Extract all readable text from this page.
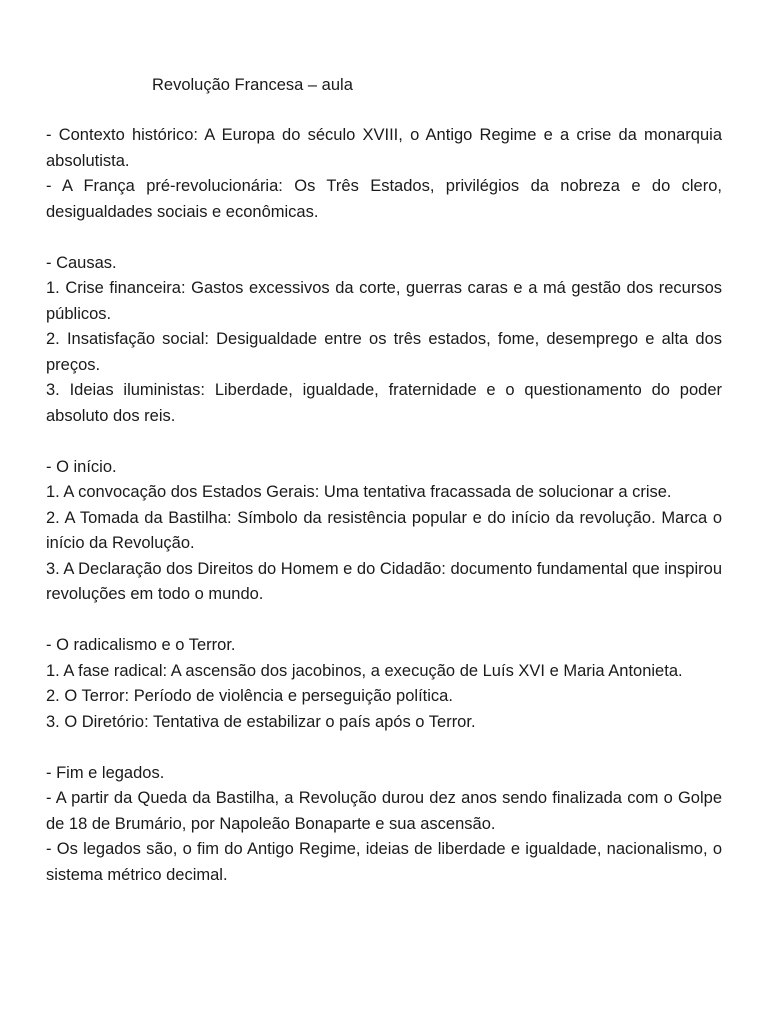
Revolução Francesa – aula

- Contexto histórico: A Europa do século XVIII, o Antigo Regime e a crise da monarquia absolutista.

- A França pré-revolucionária: Os Três Estados, privilégios da nobreza e do clero, desigualdades sociais e econômicas.

- Causas.

1. Crise financeira: Gastos excessivos da corte, guerras caras e a má gestão dos recursos públicos.

2. Insatisfação social: Desigualdade entre os três estados, fome, desemprego e alta dos preços.

3. Ideias iluministas: Liberdade, igualdade, fraternidade e o questionamento do poder absoluto dos reis.

- O início.

1. A convocação dos Estados Gerais: Uma tentativa fracassada de solucionar a crise.

2. A Tomada da Bastilha: Símbolo da resistência popular e do início da revolução. Marca o início da Revolução.

3. A Declaração dos Direitos do Homem e do Cidadão: documento fundamental que inspirou revoluções em todo o mundo.

- O radicalismo e o Terror.

1. A fase radical: A ascensão dos jacobinos, a execução de Luís XVI e Maria Antonieta.

2. O Terror: Período de violência e perseguição política.

3. O Diretório: Tentativa de estabilizar o país após o Terror.

- Fim e legados.

- A partir da Queda da Bastilha, a Revolução durou dez anos sendo finalizada com o Golpe de 18 de Brumário, por Napoleão Bonaparte e sua ascensão.

- Os legados são, o fim do Antigo Regime, ideias de liberdade e igualdade, nacionalismo, o sistema métrico decimal.
